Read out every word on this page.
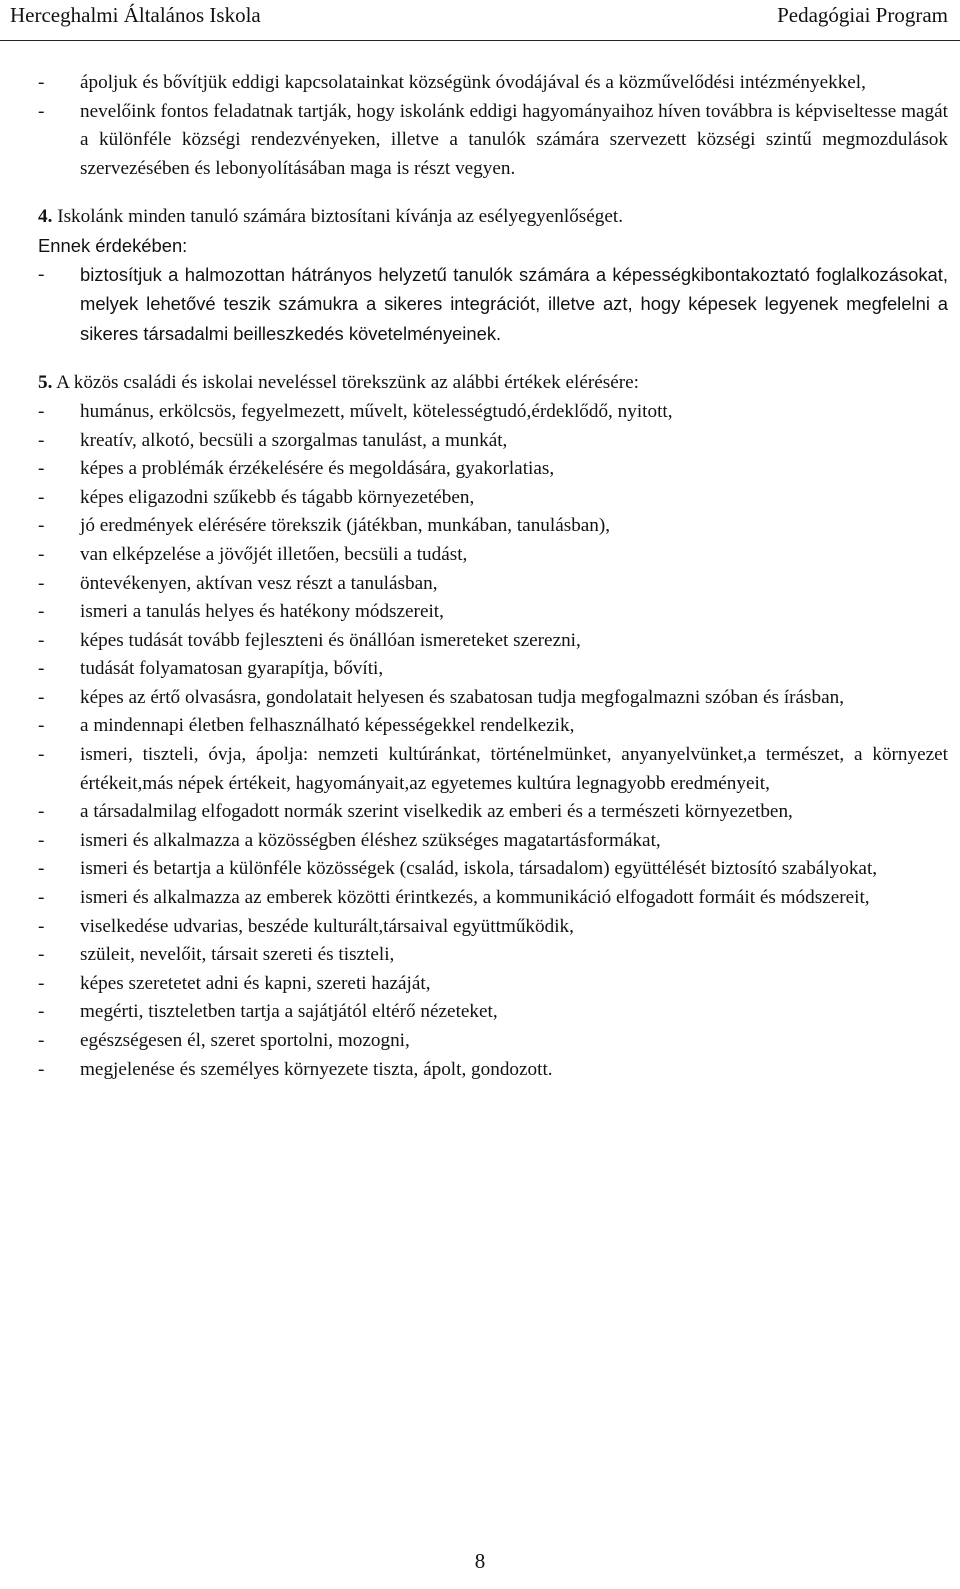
Herceghalmi Általános Iskola	Pedagógiai Program
- ápoljuk és bővítjük eddigi kapcsolatainkat községünk óvodájával és a közművelődési intézményekkel,
- nevelőink fontos feladatnak tartják, hogy iskolánk eddigi hagyományaihoz híven továbbra is képviseltesse magát a különféle községi rendezvényeken, illetve a tanulók számára szervezett községi szintű megmozdulások szervezésében és lebonyolításában maga is részt vegyen.
4. Iskolánk minden tanuló számára biztosítani kívánja az esélyegyenlőséget.
Ennek érdekében:
- biztosítjuk a halmozottan hátrányos helyzetű tanulók számára a képességkibontakoztató foglalkozásokat, melyek lehetővé teszik számukra a sikeres integrációt, illetve azt, hogy képesek legyenek megfelelni a sikeres társadalmi beilleszkedés követelményeinek.
5. A közös családi és iskolai neveléssel törekszünk az alábbi értékek elérésére:
- humánus, erkölcsös, fegyelmezett, művelt, kötelességtudó,érdeklődő, nyitott,
- kreatív, alkotó, becsüli a szorgalmas tanulást, a munkát,
- képes a problémák érzékelésére és megoldására, gyakorlatias,
- képes eligazodni szűkebb és tágabb környezetében,
- jó eredmények elérésére törekszik (játékban, munkában, tanulásban),
- van elképzelése a jövőjét illetően, becsüli a tudást,
- öntevékenyen, aktívan vesz részt a tanulásban,
- ismeri a tanulás helyes és hatékony módszereit,
- képes tudását tovább fejleszteni és önállóan ismereteket szerezni,
- tudását folyamatosan gyarapítja, bővíti,
- képes az értő olvasásra, gondolatait helyesen és szabatosan tudja megfogalmazni szóban és írásban,
- a mindennapi életben felhasználható képességekkel rendelkezik,
- ismeri, tiszteli, óvja, ápolja: nemzeti kultúránkat, történelmünket, anyanyelvünket,a természet, a környezet értékeit,más népek értékeit, hagyományait,az egyetemes kultúra legnagyobb eredményeit,
- a társadalmilag elfogadott normák szerint viselkedik az emberi és a természeti környezetben,
- ismeri és alkalmazza a közösségben éléshez szükséges magatartásformákat,
- ismeri és betartja a különféle közösségek (család, iskola, társadalom) együttélését biztosító szabályokat,
- ismeri és alkalmazza az emberek közötti érintkezés, a kommunikáció elfogadott formáit és módszereit,
- viselkedése udvarias, beszéde kulturált,társaival együttműködik,
- szüleit, nevelőit, társait szereti és tiszteli,
- képes szeretetet adni és kapni, szereti hazáját,
- megérti, tiszteletben tartja a sajátjától eltérő nézeteket,
- egészségesen él, szeret sportolni, mozogni,
- megjelenése és személyes környezete tiszta, ápolt, gondozott.
8
